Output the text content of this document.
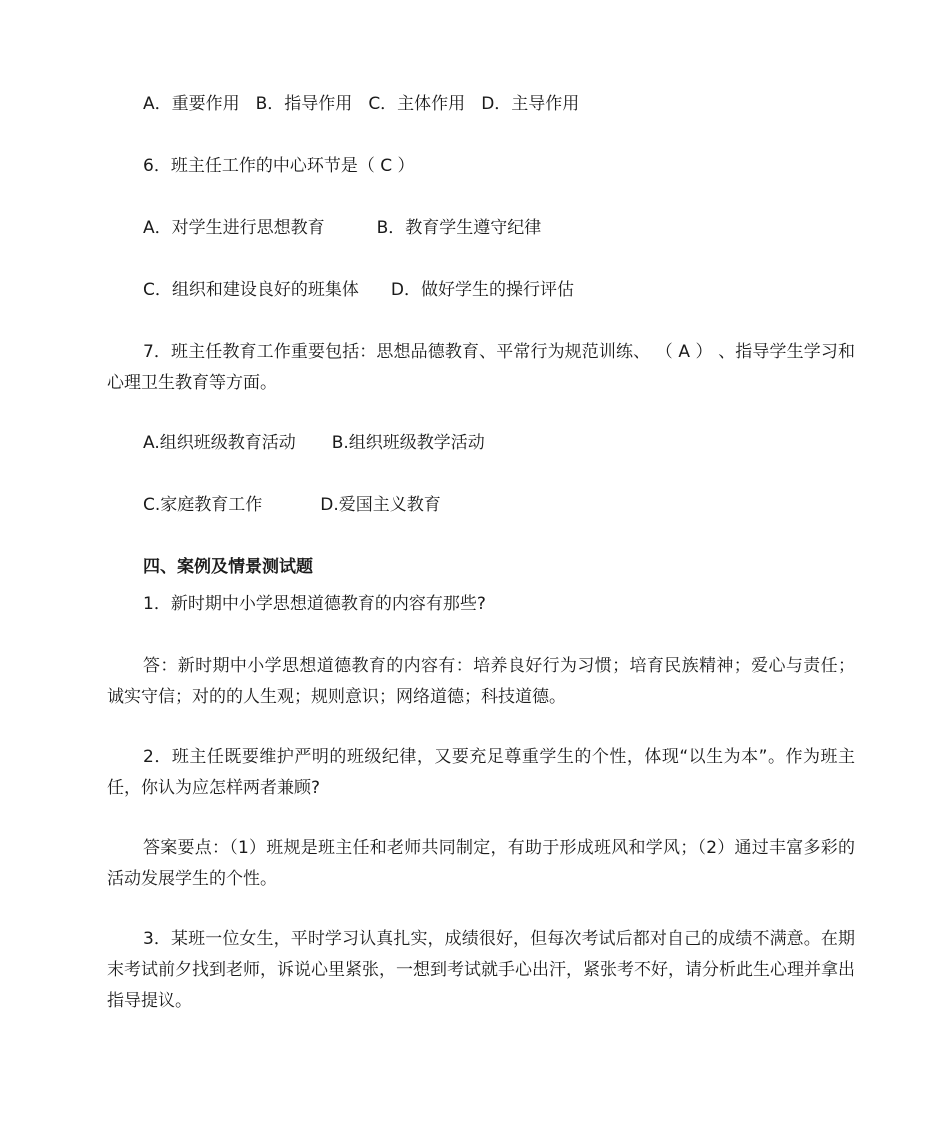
A．重要作用 B．指导作用 C．主体作用 D．主导作用
6．班主任工作的中心环节是（ C ）
A．对学生进行思想教育	B．教育学生遵守纪律
C．组织和建设良好的班集体 D．做好学生的操行评估
7．班主任教育工作重要包括：思想品德教育、平常行为规范训练、 （ A ） 、指导学生学习和心理卫生教育等方面。
A.组织班级教育活动 B.组织班级教学活动
C.家庭教育工作	D.爱国主义教育
四、案例及情景测试题
1．新时期中小学思想道德教育的内容有那些?
答：新时期中小学思想道德教育的内容有：培养良好行为习惯；培育民族精神；爱心与责任；诚实守信；对的的人生观；规则意识；网络道德；科技道德。
2．班主任既要维护严明的班级纪律，又要充足尊重学生的个性，体现“以生为本”。作为班主任，你认为应怎样两者兼顾?
答案要点：（1）班规是班主任和老师共同制定，有助于形成班风和学风；（2）通过丰富多彩的活动发展学生的个性。
3．某班一位女生，平时学习认真扎实，成绩很好，但每次考试后都对自己的成绩不满意。在期末考试前夕找到老师，诉说心里紧张，一想到考试就手心出汗，紧张考不好，请分析此生心理并拿出指导提议。
